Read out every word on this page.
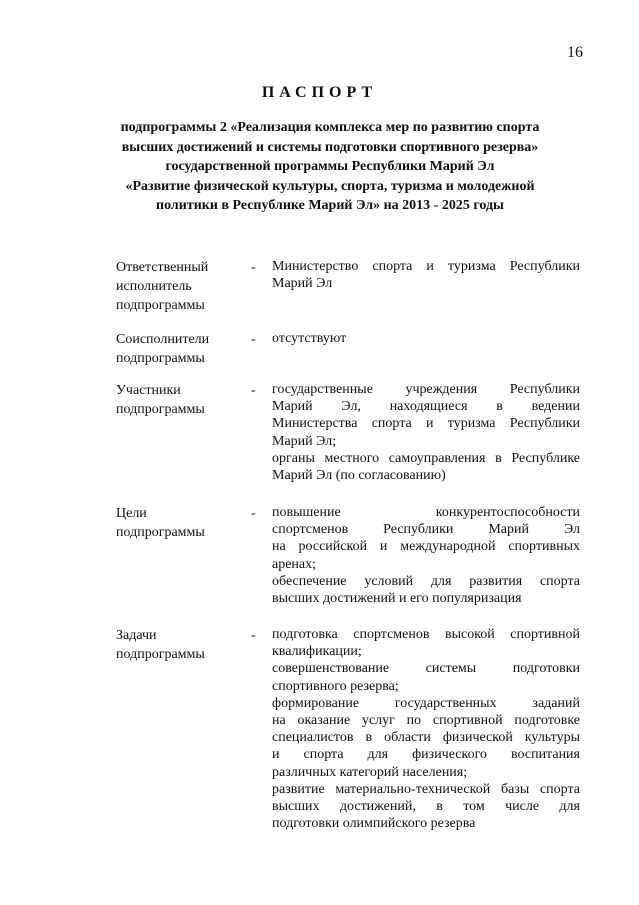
16
ПАСПОРТ
подпрограммы 2 «Реализация комплекса мер по развитию спорта
высших достижений и системы подготовки спортивного резерва»
государственной программы Республики Марий Эл
«Развитие физической культуры, спорта, туризма и молодежной
политики в Республике Марий Эл» на 2013 - 2025 годы
Ответственный
исполнитель
подпрограммы
- Министерство спорта и туризма Республики
Марий Эл
Соисполнители
подпрограммы
- отсутствуют
Участники
подпрограммы
- государственные учреждения Республики
Марий Эл, находящиеся в ведении
Министерства спорта и туризма Республики
Марий Эл;
органы местного самоуправления в Республике
Марий Эл (по согласованию)
Цели
подпрограммы
- повышение конкурентоспособности
спортсменов Республики Марий Эл
на российской и международной спортивных
аренах;
обеспечение условий для развития спорта
высших достижений и его популяризация
Задачи
подпрограммы
- подготовка спортсменов высокой спортивной
квалификации;
совершенствование системы подготовки
спортивного резерва;
формирование государственных заданий
на оказание услуг по спортивной подготовке
специалистов в области физической культуры
и спорта для физического воспитания
различных категорий населения;
развитие материально-технической базы спорта
высших достижений, в том числе для
подготовки олимпийского резерва
